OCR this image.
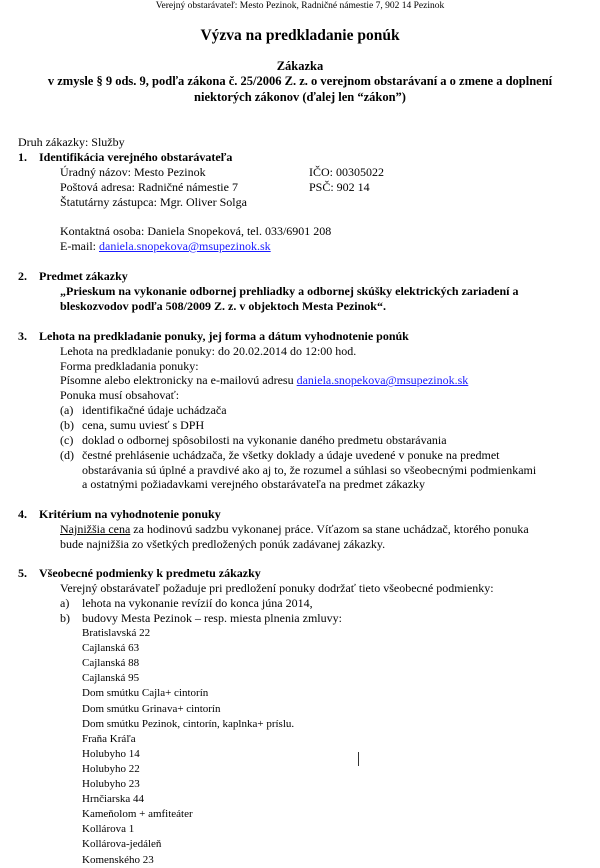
Verejný obstarávateľ: Mesto Pezinok, Radničné námestie 7, 902 14 Pezinok
Výzva na predkladanie ponúk
Zákazka
v zmysle § 9 ods. 9, podľa zákona č. 25/2006 Z. z. o verejnom obstarávaní a o zmene a doplnení
niektorých zákonov (ďalej len “zákon”)
Druh zákazky: Služby
1. Identifikácia verejného obstarávateľa
Úradný názov: Mesto Pezinok	IČO: 00305022
Poštová adresa: Radničné námestie 7	PSČ: 902 14
Štatutárny zástupca: Mgr. Oliver Solga
Kontaktná osoba: Daniela Snopeková, tel. 033/6901 208
E-mail: daniela.snopekova@msupezinok.sk
2. Predmet zákazky
„Prieskum na vykonanie odbornej prehliadky a odbornej skúšky elektrických zariadení a
bleskozvodov podľa 508/2009 Z. z. v objektoch Mesta Pezinok“.
3. Lehota na predkladanie ponuky, jej forma a dátum vyhodnotenie ponúk
Lehota na predkladanie ponuky: do 20.02.2014 do 12:00 hod.
Forma predkladania ponuky:
Písomne alebo elektronicky na e-mailovú adresu daniela.snopekova@msupezinok.sk
Ponuka musí obsahovať:
(a) identifikačné údaje uchádzača
(b) cena, sumu uviesť s DPH
(c) doklad o odbornej spôsobilosti na vykonanie daného predmetu obstarávania
(d) čestné prehlásenie uchádzača, že všetky doklady a údaje uvedené v ponuke na predmet
obstarávania sú úplné a pravdivé ako aj to, že rozumel a súhlasi so všeobecnými podmienkami
a ostatnými požiadavkami verejného obstarávateľa na predmet zákazky
4. Kritérium na vyhodnotenie ponuky
Najnižšia cena za hodinovú sadzbu vykonanej práce. Víťazom sa stane uchádzač, ktorého ponuka
bude najnižšia zo všetkých predložených ponúk zadávanej zákazky.
5. Všeobecné podmienky k predmetu zákazky
Verejný obstarávateľ požaduje pri predložení ponuky dodržať tieto všeobecné podmienky:
a) lehota na vykonanie revízií do konca júna 2014,
b) budovy Mesta Pezinok – resp. miesta plnenia zmluvy:
Bratislavská 22
Cajlanská 63
Cajlanská 88
Cajlanská 95
Dom smútku Cajla+ cintorín
Dom smútku Grinava+ cintorín
Dom smútku Pezinok, cintorín, kaplnka+ príslu.
Fraňa Kráľa
Holubyho 14
Holubyho 22
Holubyho 23
Hrnčiarska 44
Kameňolom + amfiteáter
Kollárova 1
Kollárova-jedáleň
Komenského 23
